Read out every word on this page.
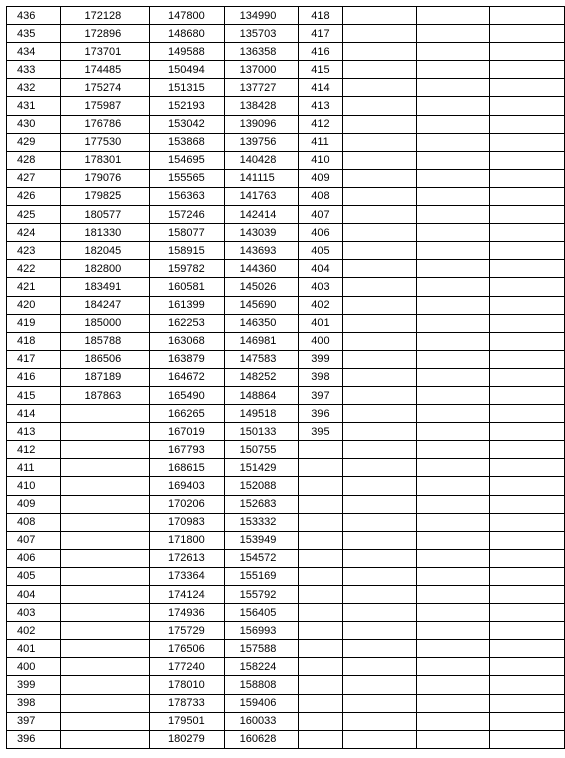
436	172128	147800	134990	418			
435	172896	148680	135703	417			
434	173701	149588	136358	416			
433	174485	150494	137000	415			
432	175274	151315	137727	414			
431	175987	152193	138428	413			
430	176786	153042	139096	412			
429	177530	153868	139756	411			
428	178301	154695	140428	410			
427	179076	155565	141115	409			
426	179825	156363	141763	408			
425	180577	157246	142414	407			
424	181330	158077	143039	406			
423	182045	158915	143693	405			
422	182800	159782	144360	404			
421	183491	160581	145026	403			
420	184247	161399	145690	402			
419	185000	162253	146350	401			
418	185788	163068	146981	400			
417	186506	163879	147583	399			
416	187189	164672	148252	398			
415	187863	165490	148864	397			
414		166265	149518	396			
413		167019	150133	395			
412		167793	150755				
411		168615	151429				
410		169403	152088				
409		170206	152683				
408		170983	153332				
407		171800	153949				
406		172613	154572				
405		173364	155169				
404		174124	155792				
403		174936	156405				
402		175729	156993				
401		176506	157588				
400		177240	158224				
399		178010	158808				
398		178733	159406				
397		179501	160033				
396		180279	160628				
